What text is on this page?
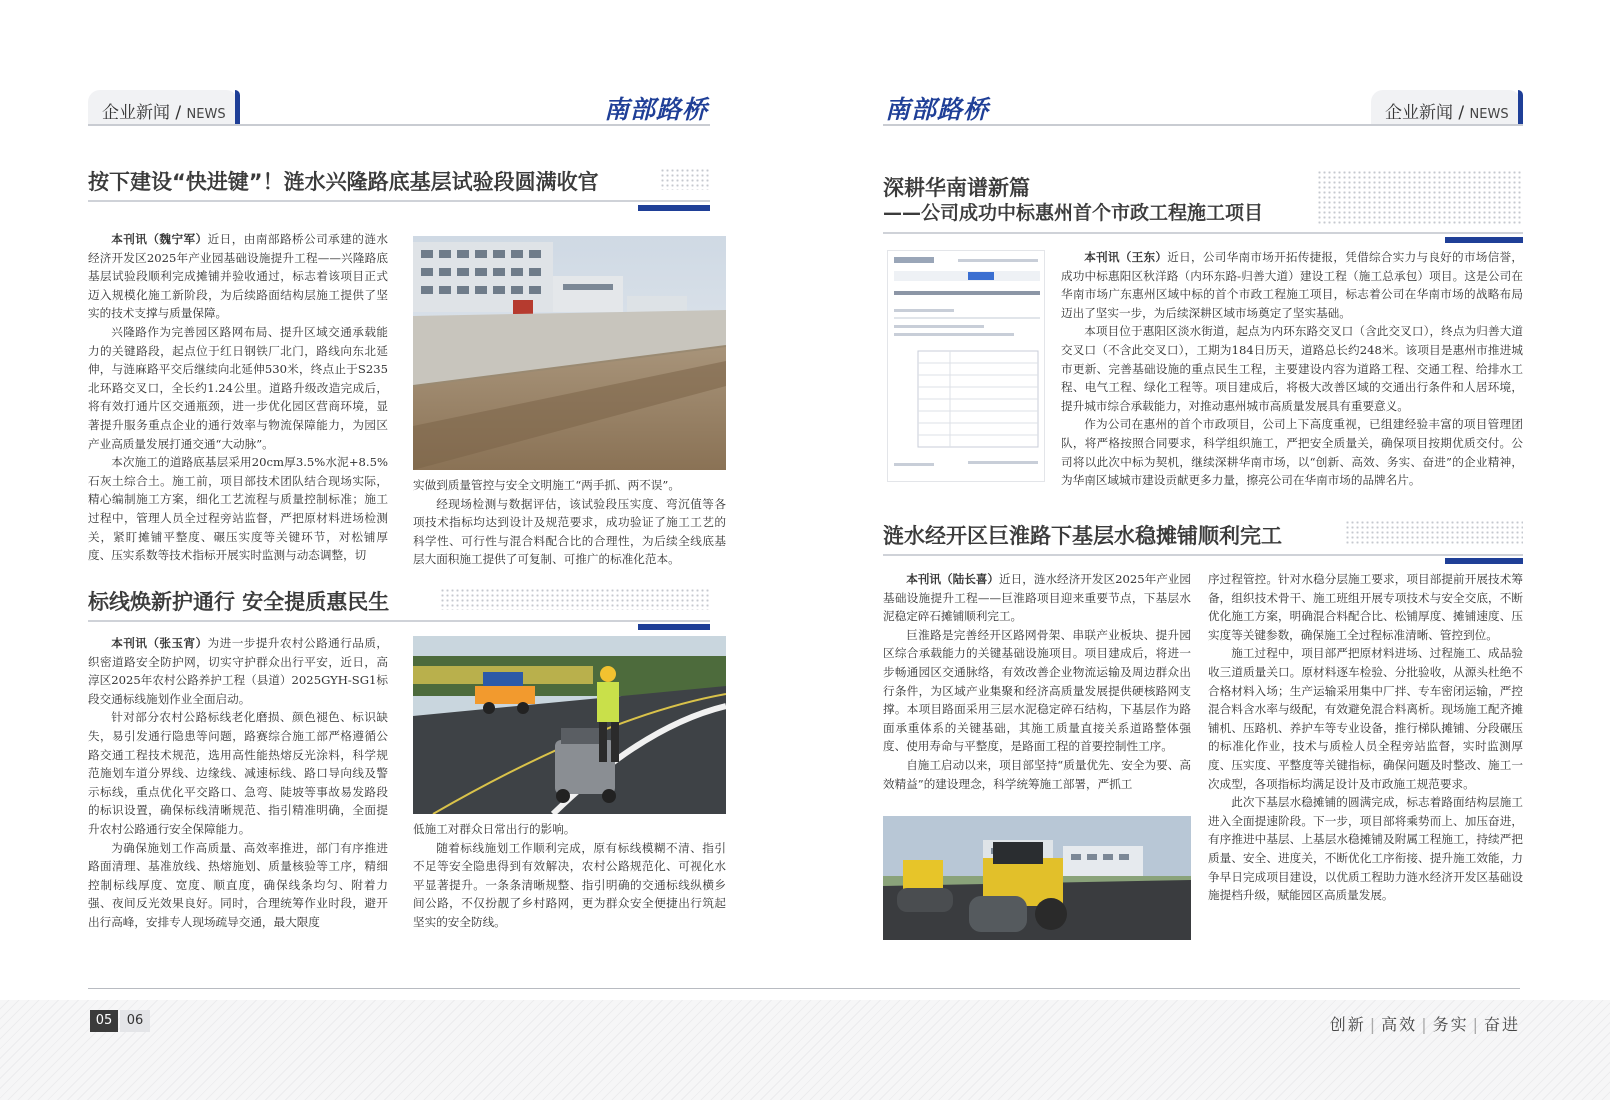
企业新闻 / NEWS	南部路桥
按下建设“快进键”！涟水兴隆路底基层试验段圆满收官

本刊讯（魏宁军）近日，由南部路桥公司承建的涟水经济开发区2025年产业园基础设施提升工程——兴隆路底基层试验段顺利完成摊铺并验收通过，标志着该项目正式迈入规模化施工新阶段，为后续路面结构层施工提供了坚实的技术支撑与质量保障。

兴隆路作为完善园区路网布局、提升区域交通承载能力的关键路段，起点位于红日钢铁厂北门，路线向东北延伸，与涟麻路平交后继续向北延伸530米，终点止于S235北环路交叉口，全长约1.24公里。道路升级改造完成后，将有效打通片区交通瓶颈，进一步优化园区营商环境，显著提升服务重点企业的通行效率与物流保障能力，为园区产业高质量发展打通交通“大动脉”。

本次施工的道路底基层采用20cm厚3.5%水泥+8.5%石灰土综合土。施工前，项目部技术团队结合现场实际，精心编制施工方案，细化工艺流程与质量控制标准；施工过程中，管理人员全过程旁站监督，严把原材料进场检测关，紧盯摊铺平整度、碾压实度等关键环节，对松铺厚度、压实系数等技术指标开展实时监测与动态调整，切

实做到质量管控与安全文明施工“两手抓、两不误”。

经现场检测与数据评估，该试验段压实度、弯沉值等各项技术指标均达到设计及规范要求，成功验证了施工工艺的科学性、可行性与混合料配合比的合理性，为后续全线底基层大面积施工提供了可复制、可推广的标准化范本。

标线焕新护通行 安全提质惠民生

本刊讯（张玉宵）为进一步提升农村公路通行品质，织密道路安全防护网，切实守护群众出行平安，近日，高淳区2025年农村公路养护工程（县道）2025GYH-SG1标段交通标线施划作业全面启动。

针对部分农村公路标线老化磨损、颜色褪色、标识缺失，易引发通行隐患等问题，路赛综合施工部严格遵循公路交通工程技术规范，选用高性能热熔反光涂料，科学规范施划车道分界线、边缘线、减速标线、路口导向线及警示标线，重点优化平交路口、急弯、陡坡等事故易发路段的标识设置，确保标线清晰规范、指引精准明确，全面提升农村公路通行安全保障能力。

为确保施划工作高质量、高效率推进，部门有序推进路面清理、基准放线、热熔施划、质量核验等工序，精细控制标线厚度、宽度、顺直度，确保线条均匀、附着力强、夜间反光效果良好。同时，合理统筹作业时段，避开出行高峰，安排专人现场疏导交通，最大限度

低施工对群众日常出行的影响。

随着标线施划工作顺利完成，原有标线模糊不清、指引不足等安全隐患得到有效解决，农村公路规范化、可视化水平显著提升。一条条清晰规整、指引明确的交通标线纵横乡间公路，不仅扮靓了乡村路网，更为群众安全便捷出行筑起坚实的安全防线。

南部路桥	企业新闻 / NEWS
深耕华南谱新篇
——公司成功中标惠州首个市政工程施工项目

本刊讯（王东）近日，公司华南市场开拓传捷报，凭借综合实力与良好的市场信誉，成功中标惠阳区秋洋路（内环东路-归善大道）建设工程（施工总承包）项目。这是公司在华南市场广东惠州区域中标的首个市政工程施工项目，标志着公司在华南市场的战略布局迈出了坚实一步，为后续深耕区域市场奠定了坚实基础。

本项目位于惠阳区淡水街道，起点为内环东路交叉口（含此交叉口），终点为归善大道交叉口（不含此交叉口），工期为184日历天，道路总长约248米。该项目是惠州市推进城市更新、完善基础设施的重点民生工程，主要建设内容为道路工程、交通工程、给排水工程、电气工程、绿化工程等。项目建成后，将极大改善区域的交通出行条件和人居环境，提升城市综合承载能力，对推动惠州城市高质量发展具有重要意义。

作为公司在惠州的首个市政项目，公司上下高度重视，已组建经验丰富的项目管理团队，将严格按照合同要求，科学组织施工，严把安全质量关，确保项目按期优质交付。公司将以此次中标为契机，继续深耕华南市场，以“创新、高效、务实、奋进”的企业精神，为华南区域城市建设贡献更多力量，擦亮公司在华南市场的品牌名片。

涟水经开区巨淮路下基层水稳摊铺顺利完工

本刊讯（陆长喜）近日，涟水经济开发区2025年产业园基础设施提升工程——巨淮路项目迎来重要节点，下基层水泥稳定碎石摊铺顺利完工。

巨淮路是完善经开区路网骨架、串联产业板块、提升园区综合承载能力的关键基础设施项目。项目建成后，将进一步畅通园区交通脉络，有效改善企业物流运输及周边群众出行条件，为区域产业集聚和经济高质量发展提供硬核路网支撑。本项目路面采用三层水泥稳定碎石结构，下基层作为路面承重体系的关键基础，其施工质量直接关系道路整体强度、使用寿命与平整度，是路面工程的首要控制性工序。

自施工启动以来，项目部坚持“质量优先、安全为要、高效精益”的建设理念，科学统筹施工部署，严抓工

序过程管控。针对水稳分层施工要求，项目部提前开展技术筹备，组织技术骨干、施工班组开展专项技术与安全交底，不断优化施工方案，明确混合料配合比、松铺厚度、摊铺速度、压实度等关键参数，确保施工全过程标准清晰、管控到位。

施工过程中，项目部严把原材料进场、过程施工、成品验收三道质量关口。原材料逐车检验、分批验收，从源头杜绝不合格材料入场；生产运输采用集中厂拌、专车密闭运输，严控混合料含水率与级配，有效避免混合料离析。现场施工配齐摊铺机、压路机、养护车等专业设备，推行梯队摊铺、分段碾压的标准化作业，技术与质检人员全程旁站监督，实时监测厚度、压实度、平整度等关键指标，确保问题及时整改、施工一次成型，各项指标均满足设计及市政施工规范要求。

此次下基层水稳摊铺的圆满完成，标志着路面结构层施工进入全面提速阶段。下一步，项目部将乘势而上、加压奋进，有序推进中基层、上基层水稳摊铺及附属工程施工，持续严把质量、安全、进度关，不断优化工序衔接、提升施工效能，力争早日完成项目建设，以优质工程助力涟水经济开发区基础设施提档升级，赋能园区高质量发展。

05	06	创新 | 高效 | 务实 | 奋进
